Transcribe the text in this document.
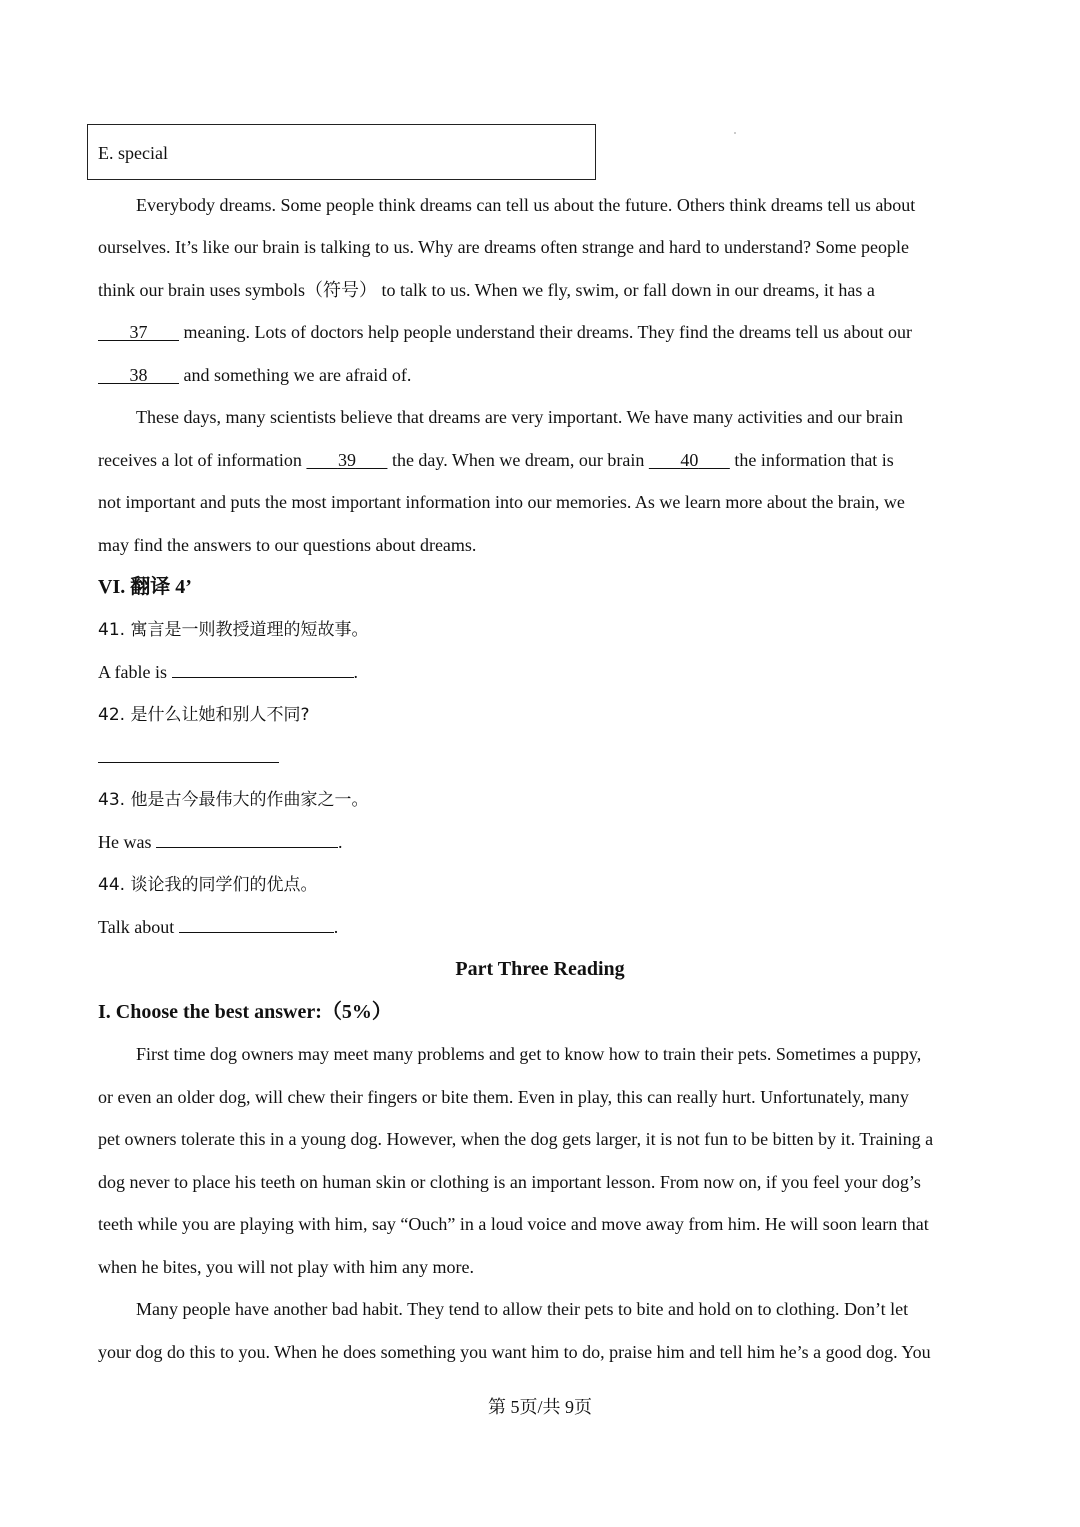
E. special
Everybody dreams. Some people think dreams can tell us about the future. Others think dreams tell us about
ourselves. It’s like our brain is talking to us. Why are dreams often strange and hard to understand? Some people
think our brain uses symbols（符号） to talk to us. When we fly, swim, or fall down in our dreams, it has a
37        meaning. Lots of doctors help people understand their dreams. They find the dreams tell us about our
38        and something we are afraid of.
These days, many scientists believe that dreams are very important. We have many activities and our brain
receives a lot of information        39        the day. When we dream, our brain        40        the information that is
not important and puts the most important information into our memories. As we learn more about the brain, we
may find the answers to our questions about dreams.
VI. 翻译 4’
41. 寓言是一则教授道理的短故事。
A fable is	.
42. 是什么让她和别人不同?
43. 他是古今最伟大的作曲家之一。
He was	.
44. 谈论我的同学们的优点。
Talk about	.
Part Three Reading
I. Choose the best answer:（5%）
First time dog owners may meet many problems and get to know how to train their pets. Sometimes a puppy,
or even an older dog, will chew their fingers or bite them. Even in play, this can really hurt. Unfortunately, many
pet owners tolerate this in a young dog. However, when the dog gets larger, it is not fun to be bitten by it. Training a
dog never to place his teeth on human skin or clothing is an important lesson. From now on, if you feel your dog’s
teeth while you are playing with him, say “Ouch” in a loud voice and move away from him. He will soon learn that
when he bites, you will not play with him any more.
Many people have another bad habit. They tend to allow their pets to bite and hold on to clothing. Don’t let
your dog do this to you. When he does something you want him to do, praise him and tell him he’s a good dog. You
第 5页/共 9页
